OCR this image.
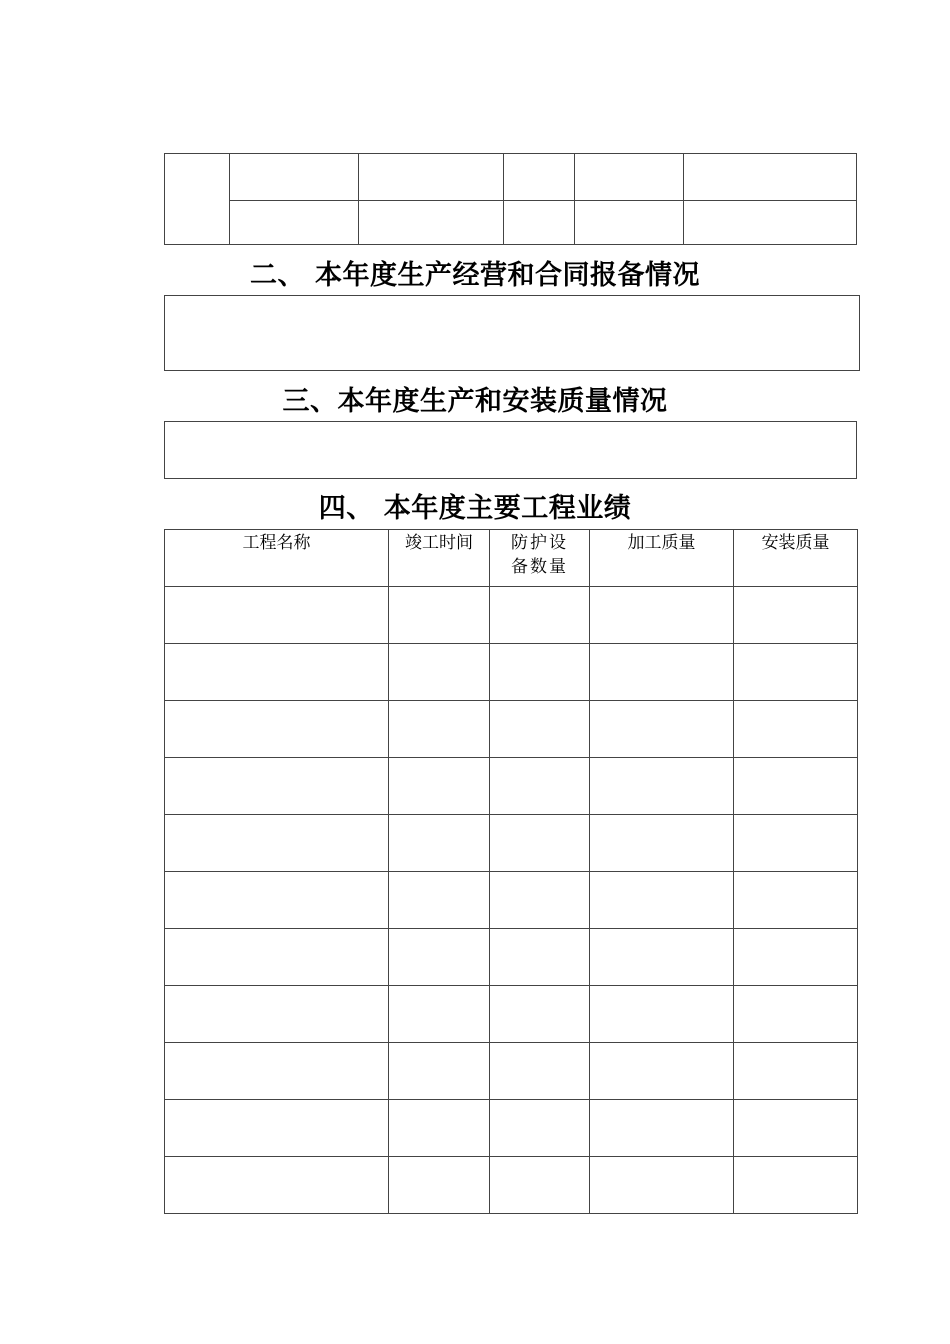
二、 本年度生产经营和合同报备情况
三、本年度生产和安装质量情况
四、 本年度主要工程业绩
工程名称	竣工时间	防护设备数量	加工质量	安装质量
